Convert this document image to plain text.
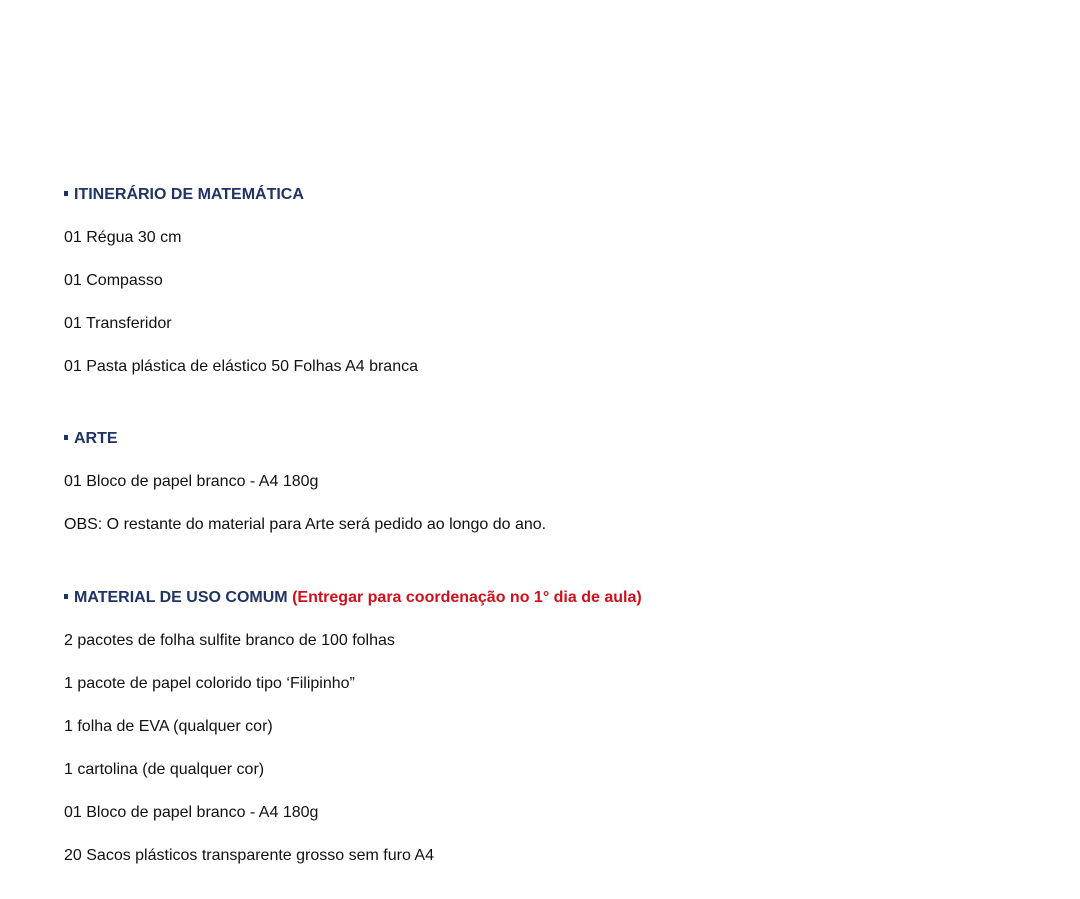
ITINERÁRIO DE MATEMÁTICA
01 Régua 30 cm
01 Compasso
01 Transferidor
01 Pasta plástica de elástico 50 Folhas A4 branca
ARTE
01 Bloco de papel branco - A4 180g
OBS: O restante do material para Arte será pedido ao longo do ano.
MATERIAL DE USO COMUM (Entregar para coordenação no 1° dia de aula)
2 pacotes de folha sulfite branco de 100 folhas
1 pacote de papel colorido tipo ‘Filipinho”
1 folha de EVA (qualquer cor)
1 cartolina (de qualquer cor)
01 Bloco de papel branco - A4 180g
20 Sacos plásticos transparente grosso sem furo A4
